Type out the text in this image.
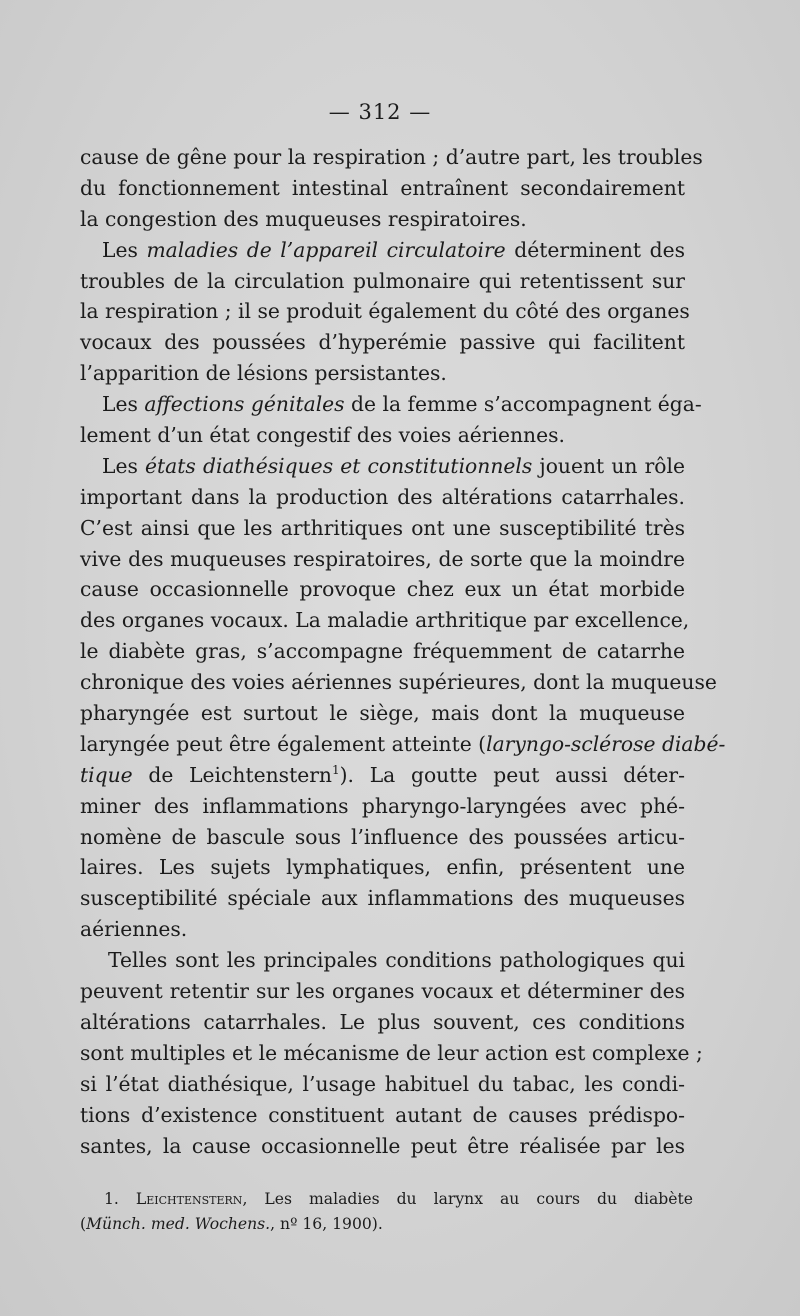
— 312 —
cause de gêne pour la respiration ; d’autre part, les troubles
du fonctionnement intestinal entraînent secondairement
la congestion des muqueuses respiratoires.
Les maladies de l’appareil circulatoire déterminent des
troubles de la circulation pulmonaire qui retentissent sur
la respiration ; il se produit également du côté des organes
vocaux des poussées d’hyperémie passive qui facilitent
l’apparition de lésions persistantes.
Les affections génitales de la femme s’accompagnent éga-
lement d’un état congestif des voies aériennes.
Les états diathésiques et constitutionnels jouent un rôle
important dans la production des altérations catarrhales.
C’est ainsi que les arthritiques ont une susceptibilité très
vive des muqueuses respiratoires, de sorte que la moindre
cause occasionnelle provoque chez eux un état morbide
des organes vocaux. La maladie arthritique par excellence,
le diabète gras, s’accompagne fréquemment de catarrhe
chronique des voies aériennes supérieures, dont la muqueuse
pharyngée est surtout le siège, mais dont la muqueuse
laryngée peut être également atteinte (laryngo-sclérose diabé-
tique de Leichtenstern$^1$). La goutte peut aussi déter-
miner des inflammations pharyngo-laryngées avec phé-
nomène de bascule sous l’influence des poussées articu-
laires. Les sujets lymphatiques, enfin, présentent une
susceptibilité spéciale aux inflammations des muqueuses
aériennes.
Telles sont les principales conditions pathologiques qui
peuvent retentir sur les organes vocaux et déterminer des
altérations catarrhales. Le plus souvent, ces conditions
sont multiples et le mécanisme de leur action est complexe ;
si l’état diathésique, l’usage habituel du tabac, les condi-
tions d’existence constituent autant de causes prédispo-
santes, la cause occasionnelle peut être réalisée par les
1. Leichtenstern, Les maladies du larynx au cours du diabète
(Münch. med. Wochens., nº 16, 1900).
